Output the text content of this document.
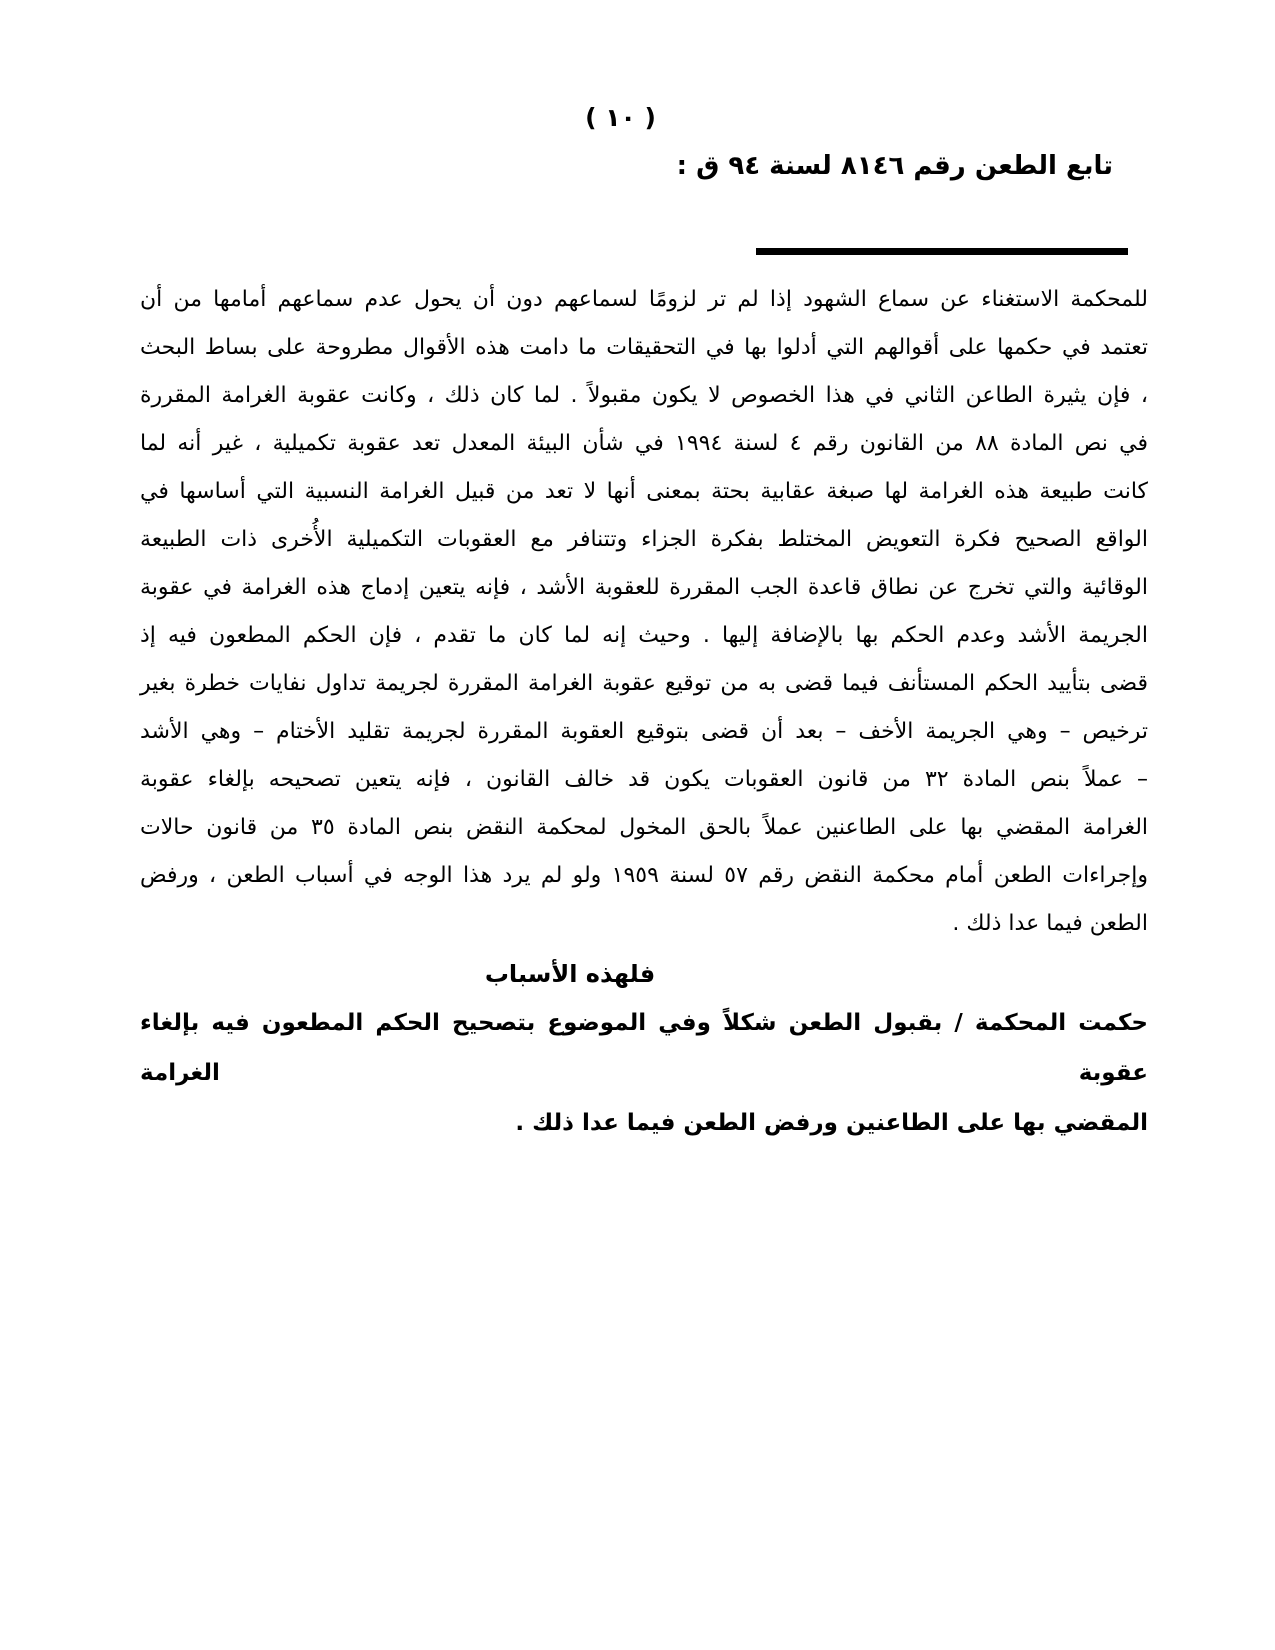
( ١٠ )
تابع الطعن رقم ٨١٤٦ لسنة ٩٤ ق :
للمحكمة الاستغناء عن سماع الشهود إذا لم تر لزومًا لسماعهم دون أن يحول عدم سماعهم أمامها من أن
تعتمد في حكمها على أقوالهم التي أدلوا بها في التحقيقات ما دامت هذه الأقوال مطروحة على بساط البحث
، فإن يثيرة الطاعن الثاني في هذا الخصوص لا يكون مقبولاً . لما كان ذلك ، وكانت عقوبة الغرامة المقررة
في نص المادة ٨٨ من القانون رقم ٤ لسنة ١٩٩٤ في شأن البيئة المعدل تعد عقوبة تكميلية ، غير أنه لما
كانت طبيعة هذه الغرامة لها صبغة عقابية بحتة بمعنى أنها لا تعد من قبيل الغرامة النسبية التي أساسها في
الواقع الصحيح فكرة التعويض المختلط بفكرة الجزاء وتتنافر مع العقوبات التكميلية الأُخرى ذات الطبيعة
الوقائية والتي تخرج عن نطاق قاعدة الجب المقررة للعقوبة الأشد ، فإنه يتعين إدماج هذه الغرامة في عقوبة
الجريمة الأشد وعدم الحكم بها بالإضافة إليها . وحيث إنه لما كان ما تقدم ، فإن الحكم المطعون فيه إذ
قضى بتأييد الحكم المستأنف فيما قضى به من توقيع عقوبة الغرامة المقررة لجريمة تداول نفايات خطرة بغير
ترخيص – وهي الجريمة الأخف – بعد أن قضى بتوقيع العقوبة المقررة لجريمة تقليد الأختام – وهي الأشد
– عملاً بنص المادة ٣٢ من قانون العقوبات يكون قد خالف القانون ، فإنه يتعين تصحيحه بإلغاء عقوبة
الغرامة المقضي بها على الطاعنين عملاً بالحق المخول لمحكمة النقض بنص المادة ٣٥ من قانون حالات
وإجراءات الطعن أمام محكمة النقض رقم ٥٧ لسنة ١٩٥٩ ولو لم يرد هذا الوجه في أسباب الطعن ، ورفض
الطعن فيما عدا ذلك .
فلهذه الأسباب
حكمت المحكمة / بقبول الطعن شكلاً وفي الموضوع بتصحيح الحكم المطعون فيه بإلغاء عقوبة الغرامة
المقضي بها على الطاعنين ورفض الطعن فيما عدا ذلك .
